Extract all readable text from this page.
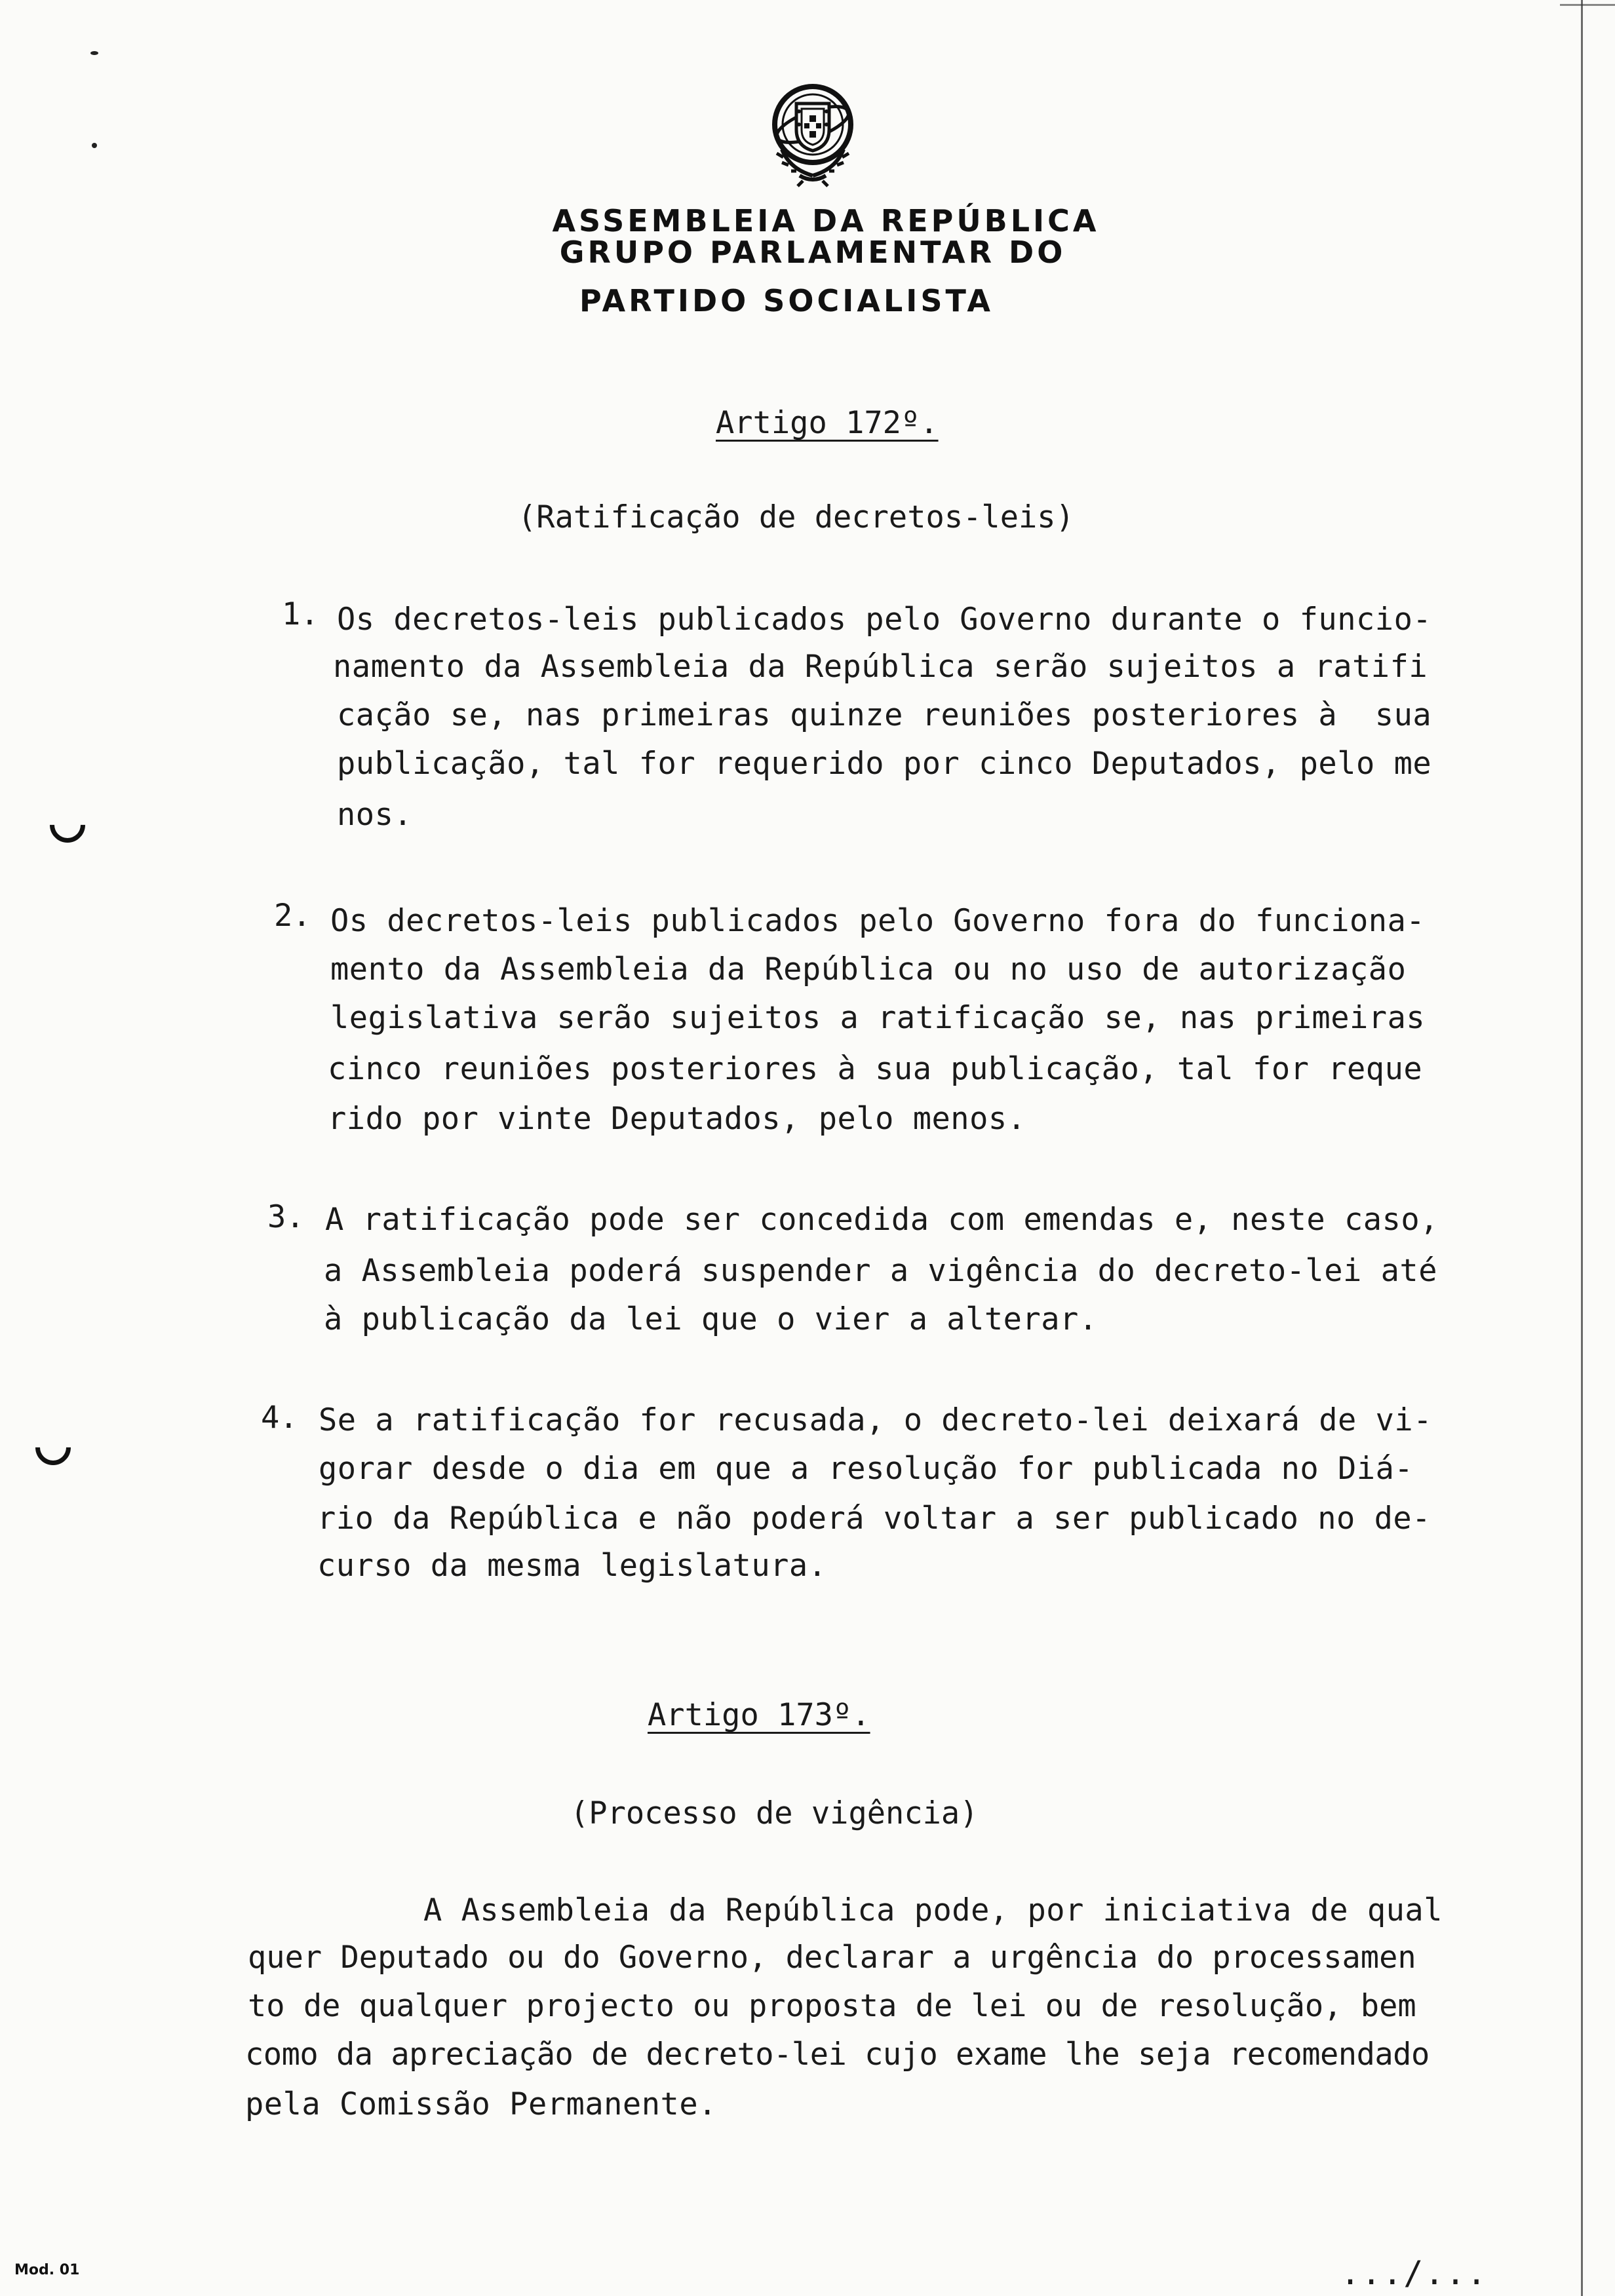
ASSEMBLEIA DA REPÚBLICA
GRUPO PARLAMENTAR DO
PARTIDO SOCIALISTA
Artigo 172º.
(Ratificação de decretos-leis)
1. Os decretos-leis publicados pelo Governo durante o funcio-
namento da Assembleia da República serão sujeitos a ratifi
cação se, nas primeiras quinze reuniões posteriores à  sua
publicação, tal for requerido por cinco Deputados, pelo me
nos.
2. Os decretos-leis publicados pelo Governo fora do funciona-
mento da Assembleia da República ou no uso de autorização
legislativa serão sujeitos a ratificação se, nas primeiras
cinco reuniões posteriores à sua publicação, tal for reque
rido por vinte Deputados, pelo menos.
3. A ratificação pode ser concedida com emendas e, neste caso,
a Assembleia poderá suspender a vigência do decreto-lei até
à publicação da lei que o vier a alterar.
4. Se a ratificação for recusada, o decreto-lei deixará de vi-
gorar desde o dia em que a resolução for publicada no Diá-
rio da República e não poderá voltar a ser publicado no de-
curso da mesma legislatura.
Artigo 173º.
(Processo de vigência)
A Assembleia da República pode, por iniciativa de qual
quer Deputado ou do Governo, declarar a urgência do processamen
to de qualquer projecto ou proposta de lei ou de resolução, bem
como da apreciação de decreto-lei cujo exame lhe seja recomendado
pela Comissão Permanente.
Mod. 01	.../...
